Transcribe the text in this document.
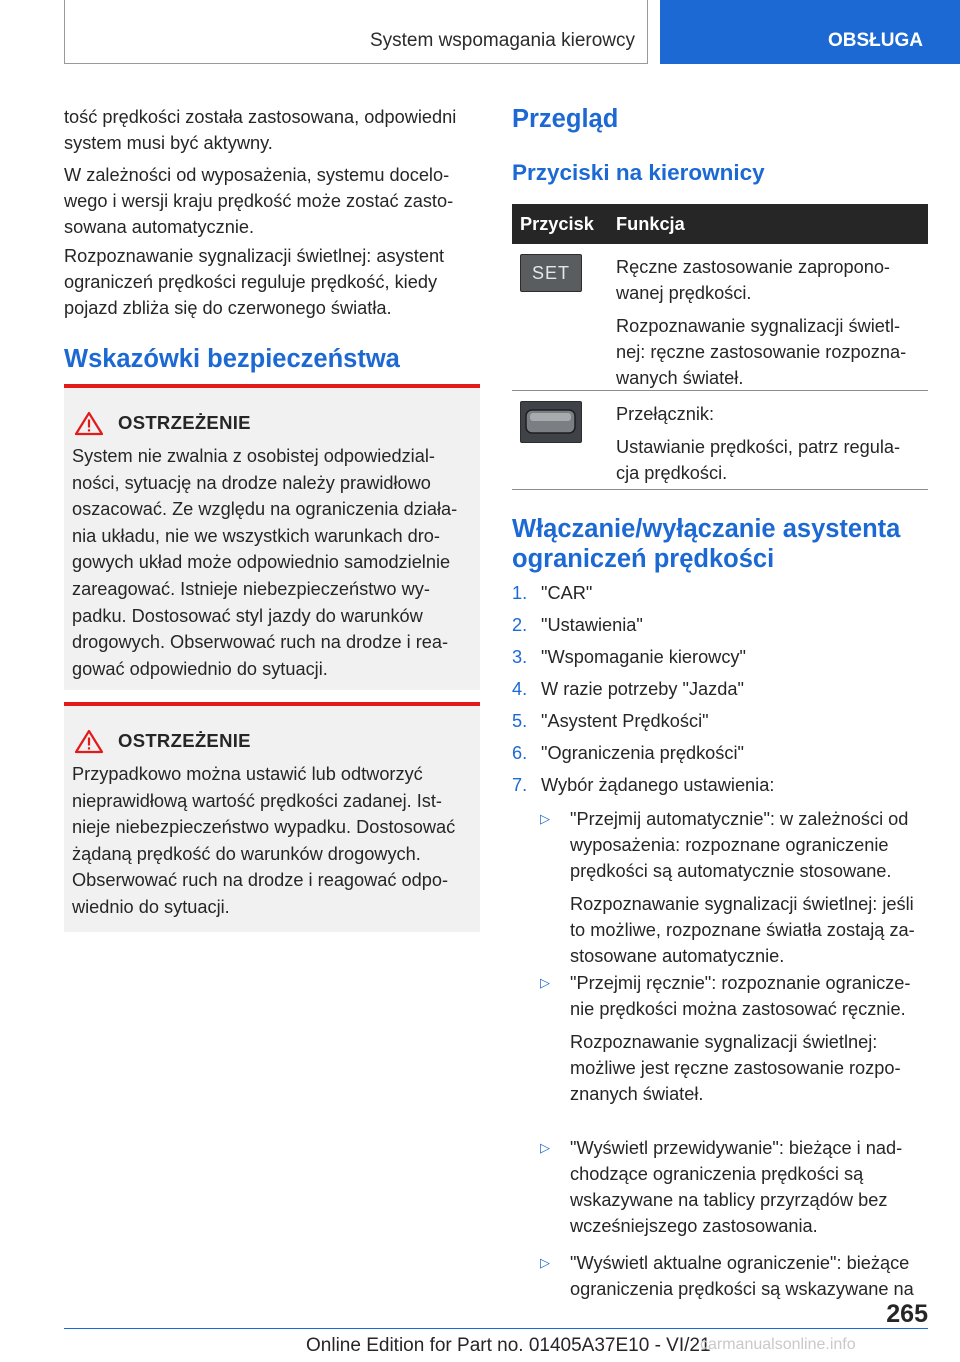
System wspomagania kierowcy	OBSŁUGA

tość prędkości została zastosowana, odpowiedni
system musi być aktywny.

W zależności od wyposażenia, systemu docelo-
wego i wersji kraju prędkość może zostać zasto-
sowana automatycznie.

Rozpoznawanie sygnalizacji świetlnej: asystent
ograniczeń prędkości reguluje prędkość, kiedy
pojazd zbliża się do czerwonego światła.

Wskazówki bezpieczeństwa
OSTRZEŻENIE

System nie zwalnia z osobistej odpowiedzial-
ności, sytuację na drodze należy prawidłowo
oszacować. Ze względu na ograniczenia działa-
nia układu, nie we wszystkich warunkach dro-
gowych układ może odpowiednio samodzielnie
zareagować. Istnieje niebezpieczeństwo wy-
padku. Dostosować styl jazdy do warunków
drogowych. Obserwować ruch na drodze i rea-
gować odpowiednio do sytuacji.

OSTRZEŻENIE

Przypadkowo można ustawić lub odtworzyć
nieprawidłową wartość prędkości zadanej. Ist-
nieje niebezpieczeństwo wypadku. Dostosować
żądaną prędkość do warunków drogowych.
Obserwować ruch na drodze i reagować odpo-
wiednio do sytuacji.

Przegląd
Przyciski na kierownicy
Przycisk Funkcja
SET	Ręczne zastosowanie zapropono-
wanej prędkości.

Rozpoznawanie sygnalizacji świetl-
nej: ręczne zastosowanie rozpozna-
wanych świateł.

Przełącznik:

Ustawianie prędkości, patrz regula-
cja prędkości.

Włączanie/wyłączanie asystenta
ograniczeń prędkości
1. "CAR"
2. "Ustawienia"
3. "Wspomaganie kierowcy"
4. W razie potrzeby "Jazda"
5. "Asystent Prędkości"
6. "Ograniczenia prędkości"
7. Wybór żądanego ustawienia:
▷ "Przejmij automatycznie": w zależności od
wyposażenia: rozpoznane ograniczenie
prędkości są automatycznie stosowane.

Rozpoznawanie sygnalizacji świetlnej: jeśli
to możliwe, rozpoznane światła zostają za-
stosowane automatycznie.

▷ "Przejmij ręcznie": rozpoznanie ogranicze-
nie prędkości można zastosować ręcznie.

Rozpoznawanie sygnalizacji świetlnej:
możliwe jest ręczne zastosowanie rozpo-
znanych świateł.

▷ "Wyświetl przewidywanie": bieżące i nad-
chodzące ograniczenia prędkości są
wskazywane na tablicy przyrządów bez
wcześniejszego zastosowania.

▷ "Wyświetl aktualne ograniczenie": bieżące
ograniczenia prędkości są wskazywane na

265
Online Edition for Part no. 01405A37E10 - VI/21
carmanualsonline.info
